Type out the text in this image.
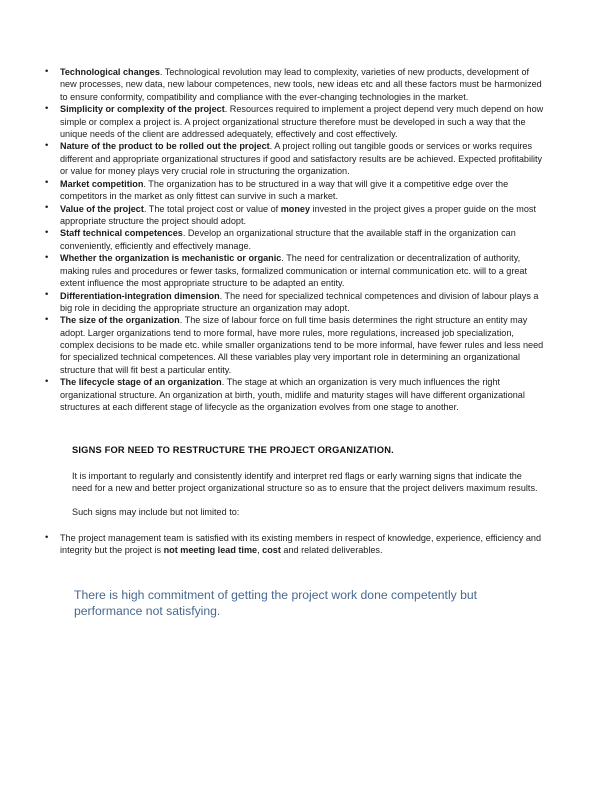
• Technological changes. Technological revolution may lead to complexity, varieties of new products, development of new processes, new data, new labour competences, new tools, new ideas etc and all these factors must be harmonized to ensure conformity, compatibility and compliance with the ever-changing technologies in the market.
• Simplicity or complexity of the project. Resources required to implement a project depend very much depend on how simple or complex a project is. A project organizational structure therefore must be developed in such a way that the unique needs of the client are addressed adequately, effectively and cost effectively.
• Nature of the product to be rolled out the project. A project rolling out tangible goods or services or works requires different and appropriate organizational structures if good and satisfactory results are be achieved. Expected profitability or value for money plays very crucial role in structuring the organization.
• Market competition. The organization has to be structured in a way that will give it a competitive edge over the competitors in the market as only fittest can survive in such a market.
• Value of the project. The total project cost or value of money invested in the project gives a proper guide on the most appropriate structure the project should adopt.
• Staff technical competences. Develop an organizational structure that the available staff in the organization can conveniently, efficiently and effectively manage.
• Whether the organization is mechanistic or organic. The need for centralization or decentralization of authority, making rules and procedures or fewer tasks, formalized communication or internal communication etc. will to a great extent influence the most appropriate structure to be adapted an entity.
• Differentiation-integration dimension. The need for specialized technical competences and division of labour plays a big role in deciding the appropriate structure an organization may adopt.
• The size of the organization. The size of labour force on full time basis determines the right structure an entity may adopt. Larger organizations tend to more formal, have more rules, more regulations, increased job specialization, complex decisions to be made etc. while smaller organizations tend to be more informal, have fewer rules and less need for specialized technical competences. All these variables play very important role in determining an organizational structure that will fit best a particular entity.
• The lifecycle stage of an organization. The stage at which an organization is very much influences the right organizational structure. An organization at birth, youth, midlife and maturity stages will have different organizational structures at each different stage of lifecycle as the organization evolves from one stage to another.
SIGNS FOR NEED TO RESTRUCTURE THE PROJECT ORGANIZATION.

It is important to regularly and consistently identify and interpret red flags or early warning signs that indicate the need for a new and better project organizational structure so as to ensure that the project delivers maximum results.

Such signs may include but not limited to:

• The project management team is satisfied with its existing members in respect of knowledge, experience, efficiency and integrity but the project is not meeting lead time, cost and related deliverables.

There is high commitment of getting the project work done competently but performance not satisfying.
